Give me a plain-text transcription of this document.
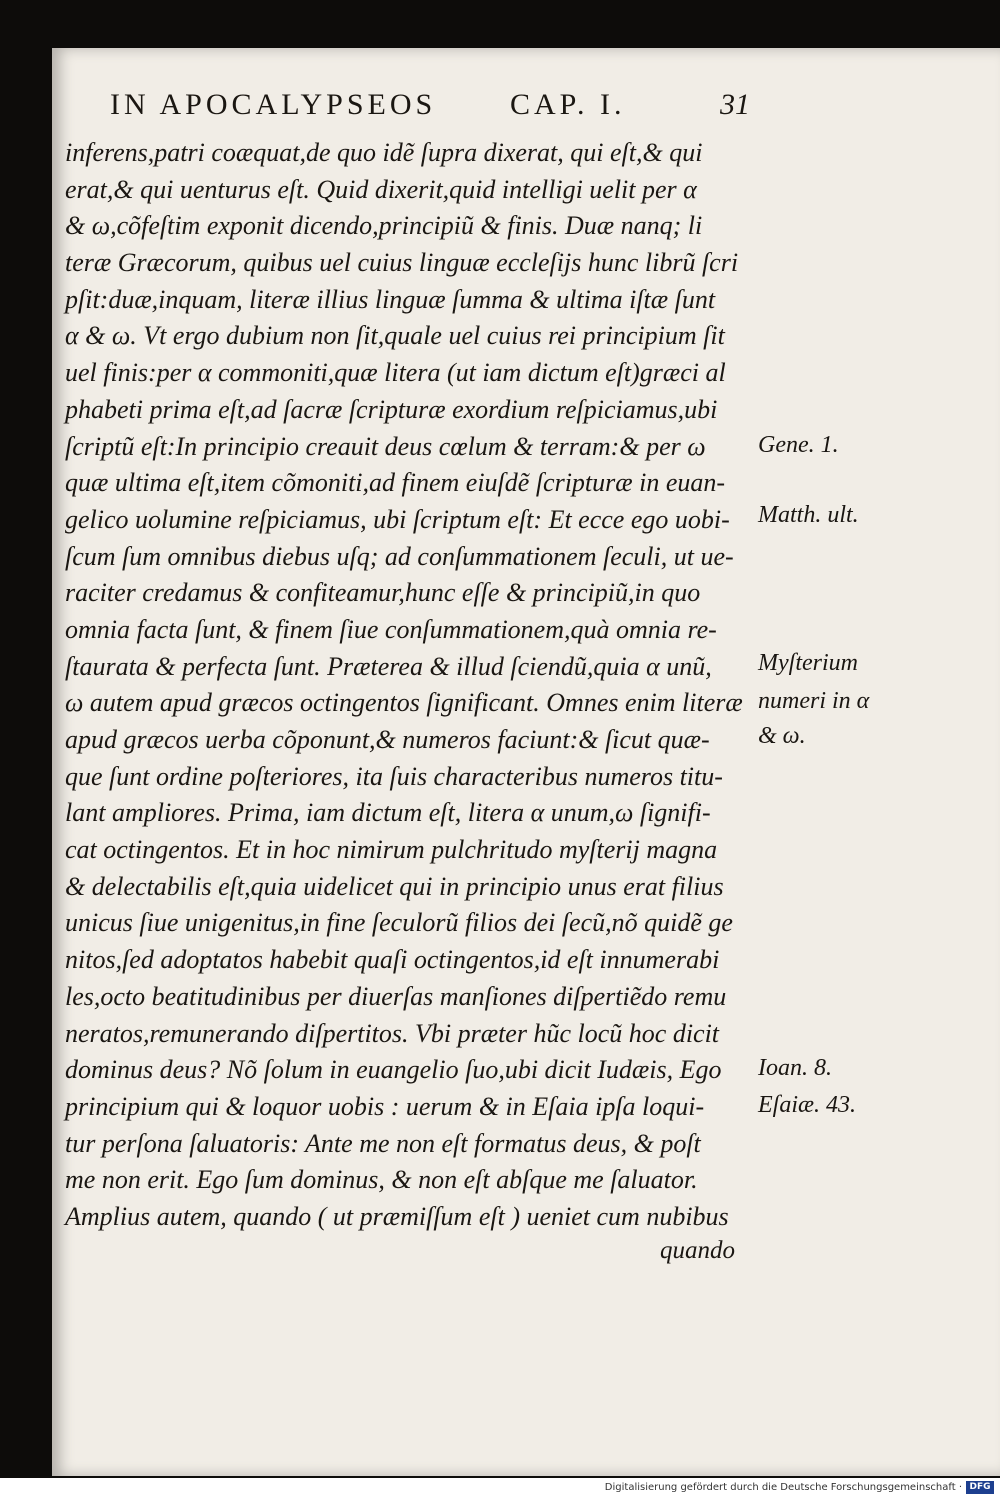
IN APOCALYPSEOS CAP. I.	31
inferens,patri coæquat,de quo idẽ ſupra dixerat, qui eſt,& qui
erat,& qui uenturus eſt. Quid dixerit,quid intelligi uelit per α
& ω,cõfeſtim exponit dicendo,principiũ & finis. Duæ nanq; li
teræ Græcorum, quibus uel cuius linguæ eccleſijs hunc librũ ſcri
pſit:duæ,inquam, literæ illius linguæ ſumma & ultima iſtæ ſunt
α & ω. Vt ergo dubium non ſit,quale uel cuius rei principium ſit
uel finis:per α commoniti,quæ litera (ut iam dictum eſt)græci al
phabeti prima eſt,ad ſacræ ſcripturæ exordium reſpiciamus,ubi
ſcriptũ eſt:In principio creauit deus cœlum & terram:& per ω
quæ ultima eſt,item cõmoniti,ad finem eiuſdẽ ſcripturæ in euan-
gelico uolumine reſpiciamus, ubi ſcriptum eſt: Et ecce ego uobi-
ſcum ſum omnibus diebus uſq; ad conſummationem ſeculi, ut ue-
raciter credamus & confiteamur,hunc eſſe & principiũ,in quo
omnia facta ſunt, & finem ſiue conſummationem,quà omnia re-
ſtaurata & perfecta ſunt. Præterea & illud ſciendũ,quia α unũ,
ω autem apud græcos octingentos ſignificant. Omnes enim literæ
apud græcos uerba cõponunt,& numeros faciunt:& ſicut quæ-
que ſunt ordine poſteriores, ita ſuis characteribus numeros titu-
lant ampliores. Prima, iam dictum eſt, litera α unum,ω ſignifi-
cat octingentos. Et in hoc nimirum pulchritudo myſterij magna
& delectabilis eſt,quia uidelicet qui in principio unus erat filius
unicus ſiue unigenitus,in fine ſeculorũ filios dei ſecũ,nõ quidẽ ge
nitos,ſed adoptatos habebit quaſi octingentos,id eſt innumerabi
les,octo beatitudinibus per diuerſas manſiones diſpertiẽdo remu
neratos,remunerando diſpertitos. Vbi præter hũc locũ hoc dicit
dominus deus? Nõ ſolum in euangelio ſuo,ubi dicit Iudæis, Ego
principium qui & loquor uobis : uerum & in Eſaia ipſa loqui-
tur perſona ſaluatoris: Ante me non eſt formatus deus, & poſt
me non erit. Ego ſum dominus, & non eſt abſque me ſaluator.
Amplius autem, quando ( ut præmiſſum eſt ) ueniet cum nubibus
quando
Gene. 1.
Matth. ult.
Myſterium
numeri in α
& ω.
Ioan. 8.
Eſaiæ. 43.
Digitalisierung gefördert durch die Deutsche Forschungsgemeinschaft · DFG
